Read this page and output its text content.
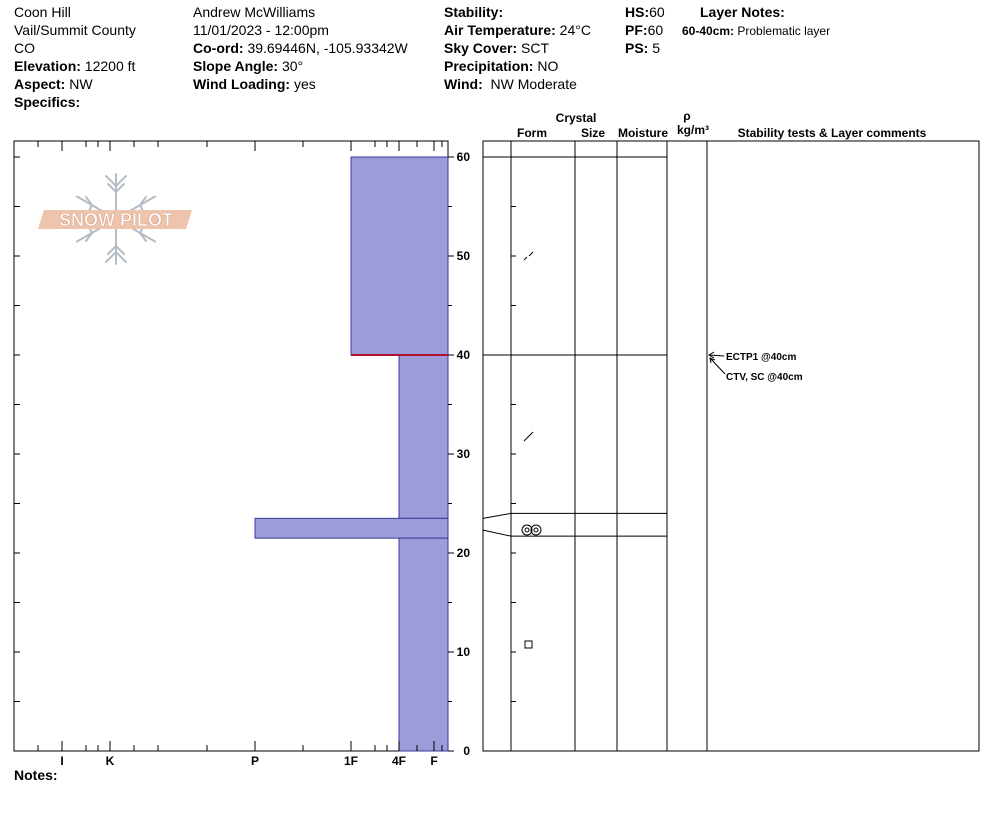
Coon Hill
Vail/Summit County
CO
Elevation: 12200 ft
Aspect: NW
Specifics:
Andrew McWilliams
11/01/2023 - 12:00pm
Co-ord: 39.69446N, -105.93342W
Slope Angle: 30°
Wind Loading: yes
Stability:
Air Temperature: 24°C
Sky Cover: SCT
Precipitation: NO
Wind: NW Moderate
HS:60
PF:60
PS: 5
Layer Notes:
60-40cm: Problematic layer
Notes:
SNOW PILOT
0
10
20
30
40
50
60
I	K	P	1F	4F F
Crystal
Form	Size Moisture
ρ
kg/m³ Stability tests & Layer comments
ECTP1 @40cm
CTV, SC @40cm
